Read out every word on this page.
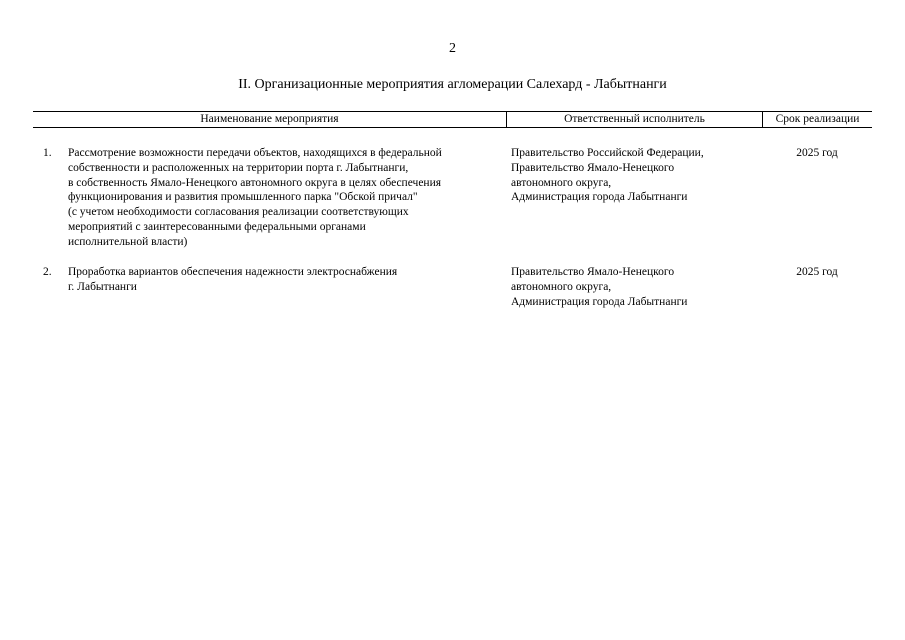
2
II. Организационные мероприятия агломерации Салехард - Лабытнанги
Наименование мероприятия	Ответственный исполнитель	Срок реализации
1. Рассмотрение возможности передачи объектов, находящихся в федеральной
собственности и расположенных на территории порта г. Лабытнанги,
в собственность Ямало-Ненецкого автономного округа в целях обеспечения
функционирования и развития промышленного парка "Обской причал"
(с учетом необходимости согласования реализации соответствующих
мероприятий с заинтересованными федеральными органами
исполнительной власти)
Правительство Российской Федерации,
Правительство Ямало-Ненецкого
автономного округа,
Администрация города Лабытнанги
2025 год
2. Проработка вариантов обеспечения надежности электроснабжения
г. Лабытнанги
Правительство Ямало-Ненецкого
автономного округа,
Администрация города Лабытнанги
2025 год
